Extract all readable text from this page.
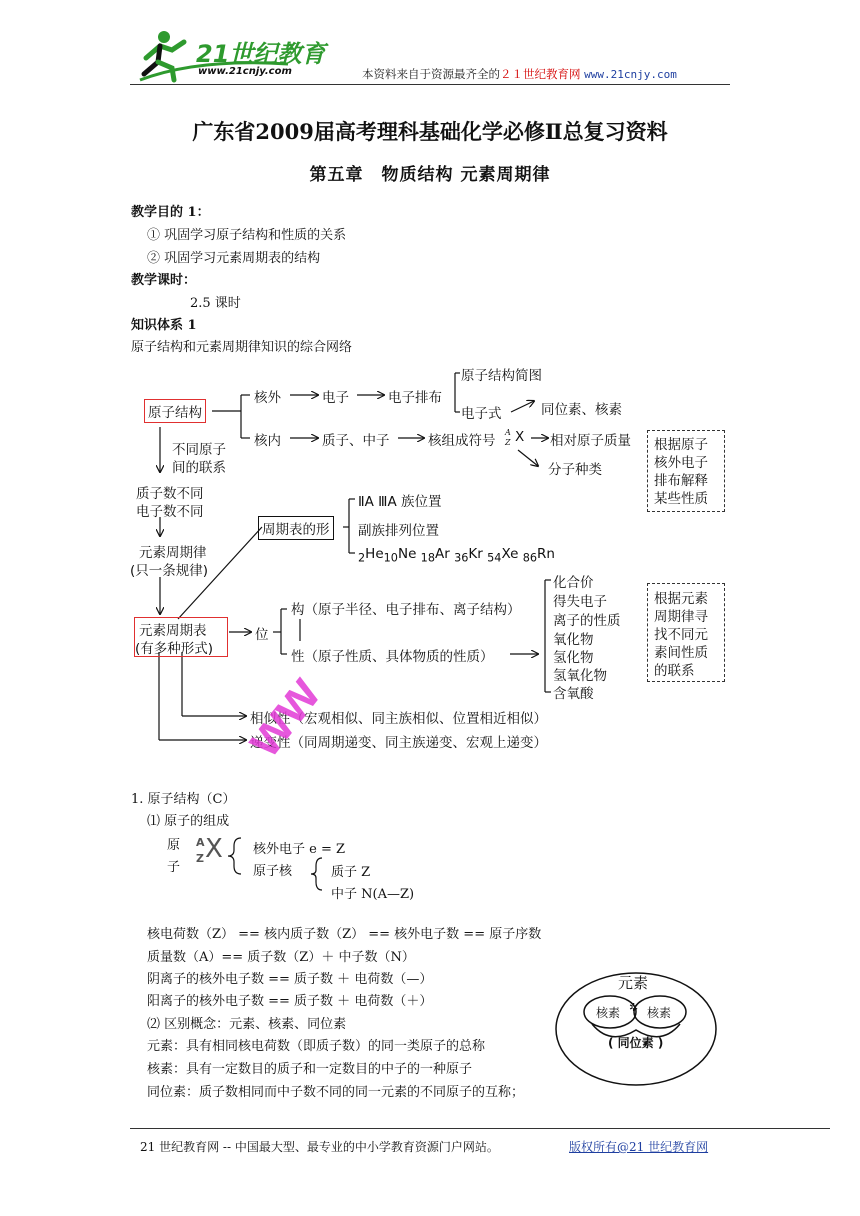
21世纪教育
www.21cnjy.com	本资料来自于资源最齐全的２１世纪教育网 www.21cnjy.com
广东省2009届高考理科基础化学必修Ⅱ总复习资料
第五章　物质结构 元素周期律
教学目的 1：
① 巩固学习原子结构和性质的关系
② 巩固学习元素周期表的结构
教学课时：
2.5 课时
知识体系 1
原子结构和元素周期律知识的综合网络
原子结构
核外	电子	电子排布
原子结构简图
电子式	同位素、核素
核内	质子、中子	核组成符号
A
Z X 相对原子质量
分子种类
根据原子
核外电子
排布解释
某些性质
不同原子
间的联系
质子数不同
电子数不同
元素周期律
(只一条规律)
周期表的形
ⅡA ⅢA 族位置
副族排列位置
$_2He_{10}Ne$ $_{18}$Ar $_{36}$Kr $_{54}$Xe $_{86}$Rn
元素周期表
(有多种形式)
位
构（原子半径、电子排布、离子结构）
性（原子性质、具体物质的性质）
化合价
得失电子
离子的性质
氧化物
氢化物
氢氧化物
含氧酸
根据元素
周期律寻
找不同元
素间性质
的联系
相似性（宏观相似、同主族相似、位置相近相似）
递变性（同周期递变、同主族递变、宏观上递变）
ww
1. 原子结构（C）
⑴ 原子的组成
原
子
A
Z X 核外电子 e = Z
原子核	质子 Z
中子 N(A—Z)
核电荷数（Z） == 核内质子数（Z） == 核外电子数 == 原子序数
质量数（A）== 质子数（Z）＋ 中子数（N）
阴离子的核外电子数 == 质子数 ＋ 电荷数（—）
阳离子的核外电子数 == 质子数 ＋ 电荷数（＋）
⑵ 区别概念：元素、核素、同位素
元素：具有相同核电荷数（即质子数）的同一类原子的总称
核素：具有一定数目的质子和一定数目的中子的一种原子
同位素：质子数相同而中子数不同的同一元素的不同原子的互称；
元素
核素 核素
✲
( 同位素 )
21 世纪教育网 -- 中国最大型、最专业的中小学教育资源门户网站。	版权所有@21 世纪教育网
